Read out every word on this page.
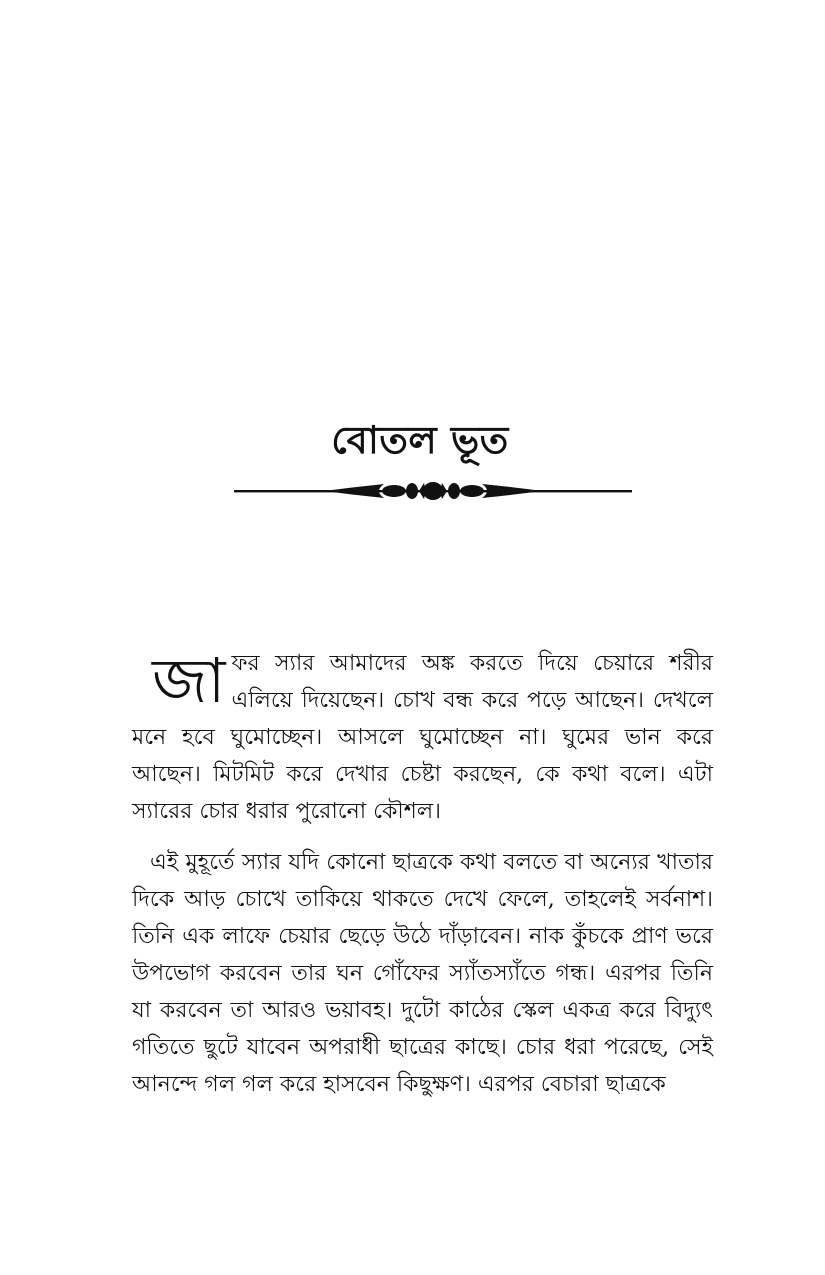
বোতল ভূত

জাফর স্যার আমাদের অঙ্ক করতে দিয়ে চেয়ারে শরীর এলিয়ে দিয়েছেন। চোখ বন্ধ করে পড়ে আছেন। দেখলে মনে হবে ঘুমোচ্ছেন। আসলে ঘুমোচ্ছেন না। ঘুমের ভান করে আছেন। মিটমিট করে দেখার চেষ্টা করছেন, কে কথা বলে। এটা স্যারের চোর ধরার পুরোনো কৌশল।

এই মুহূর্তে স্যার যদি কোনো ছাত্রকে কথা বলতে বা অন্যের খাতার দিকে আড় চোখে তাকিয়ে থাকতে দেখে ফেলে, তাহলেই সর্বনাশ। তিনি এক লাফে চেয়ার ছেড়ে উঠে দাঁড়াবেন। নাক কুঁচকে প্রাণ ভরে উপভোগ করবেন তার ঘন গোঁফের স্যাঁতস্যাঁতে গন্ধ। এরপর তিনি যা করবেন তা আরও ভয়াবহ। দুটো কাঠের স্কেল একত্র করে বিদ্যুৎ গতিতে ছুটে যাবেন অপরাধী ছাত্রের কাছে। চোর ধরা পরেছে, সেই আনন্দে গল গল করে হাসবেন কিছুক্ষণ। এরপর বেচারা ছাত্রকে
